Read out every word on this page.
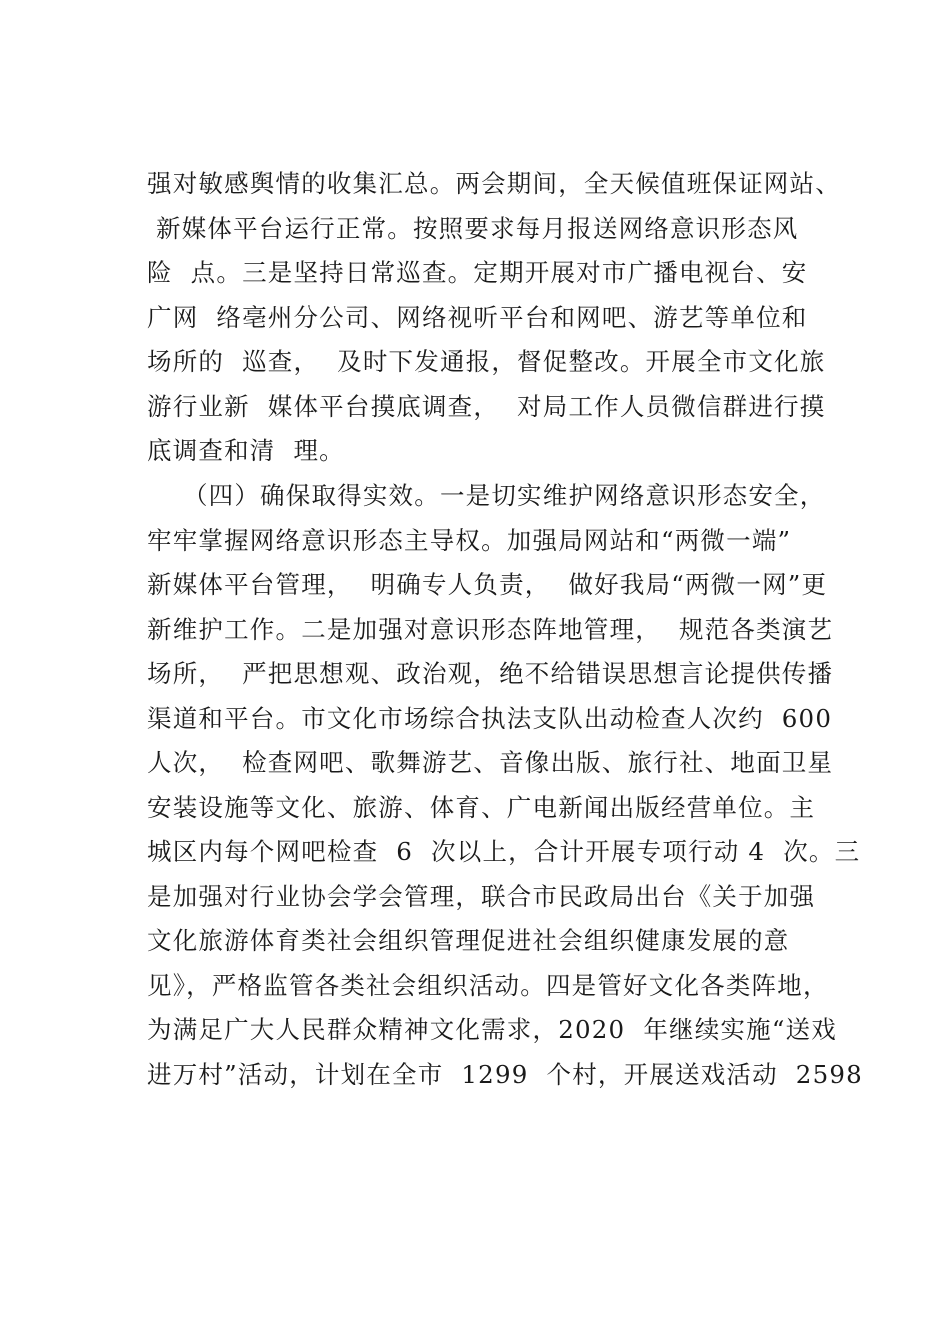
强对敏感舆情的收集汇总。两会期间，全天候值班保证网站、
新媒体平台运行正常。按照要求每月报送网络意识形态风
险  点。三是坚持日常巡查。定期开展对市广播电视台、安
广网  络亳州分公司、网络视听平台和网吧、游艺等单位和
场所的  巡查，  及时下发通报，督促整改。开展全市文化旅
游行业新  媒体平台摸底调查，  对局工作人员微信群进行摸
底调查和清  理。
（四）确保取得实效。一是切实维护网络意识形态安全，
牢牢掌握网络意识形态主导权。加强局网站和“两微一端”
新媒体平台管理，  明确专人负责，  做好我局“两微一网”更
新维护工作。二是加强对意识形态阵地管理，  规范各类演艺
场所，  严把思想观、政治观，绝不给错误思想言论提供传播
渠道和平台。市文化市场综合执法支队出动检查人次约  600
人次，  检查网吧、歌舞游艺、音像出版、旅行社、地面卫星
安装设施等文化、旅游、体育、广电新闻出版经营单位。主
城区内每个网吧检查  6  次以上，合计开展专项行动 4  次。三
是加强对行业协会学会管理，联合市民政局出台《关于加强
文化旅游体育类社会组织管理促进社会组织健康发展的意
见》，严格监管各类社会组织活动。四是管好文化各类阵地，
为满足广大人民群众精神文化需求，2020  年继续实施“送戏
进万村”活动，计划在全市  1299  个村，开展送戏活动  2598
